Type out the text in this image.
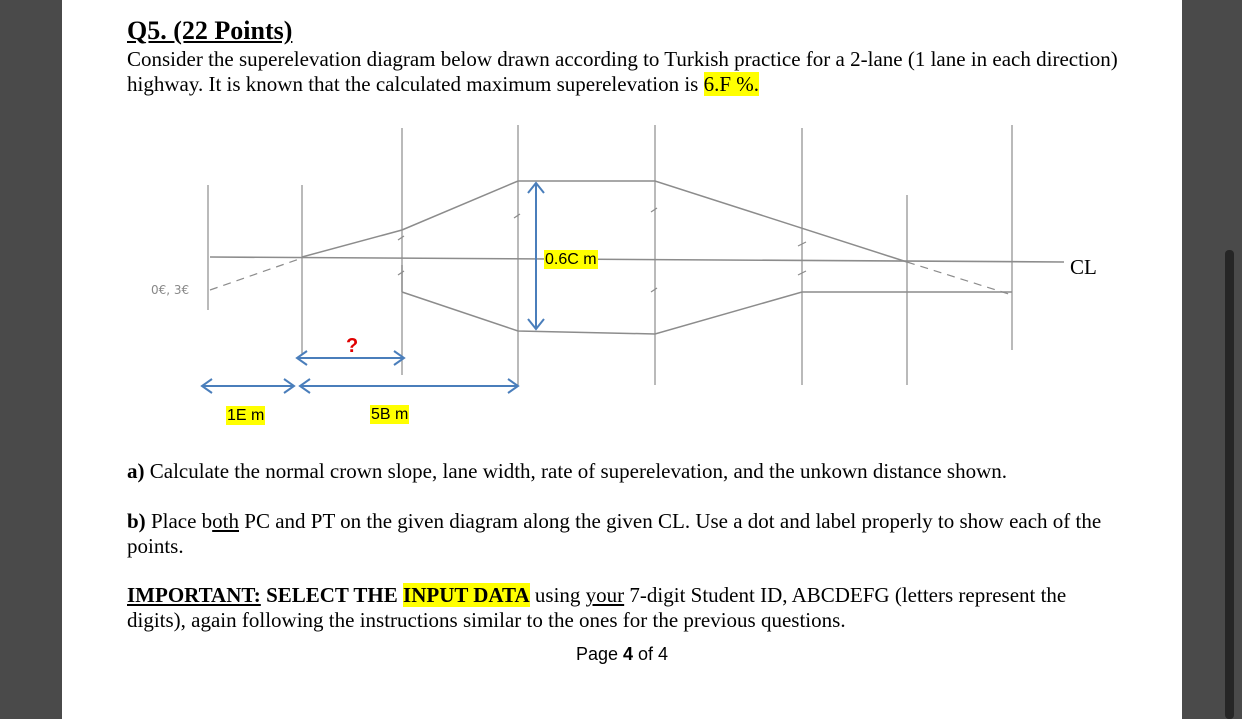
Q5. (22 Points)
Consider the superelevation diagram below drawn according to Turkish practice for a 2-lane (1 lane in each direction) highway. It is known that the calculated maximum superelevation is 6.F %.
0€, 3€
0.6C m	CL
?
1E m	5B m
a) Calculate the normal crown slope, lane width, rate of superelevation, and the unkown distance shown.
b) Place both PC and PT on the given diagram along the given CL. Use a dot and label properly to show each of the points.
IMPORTANT: SELECT THE INPUT DATA using your 7-digit Student ID, ABCDEFG (letters represent the digits), again following the instructions similar to the ones for the previous questions.
Page 4 of 4
